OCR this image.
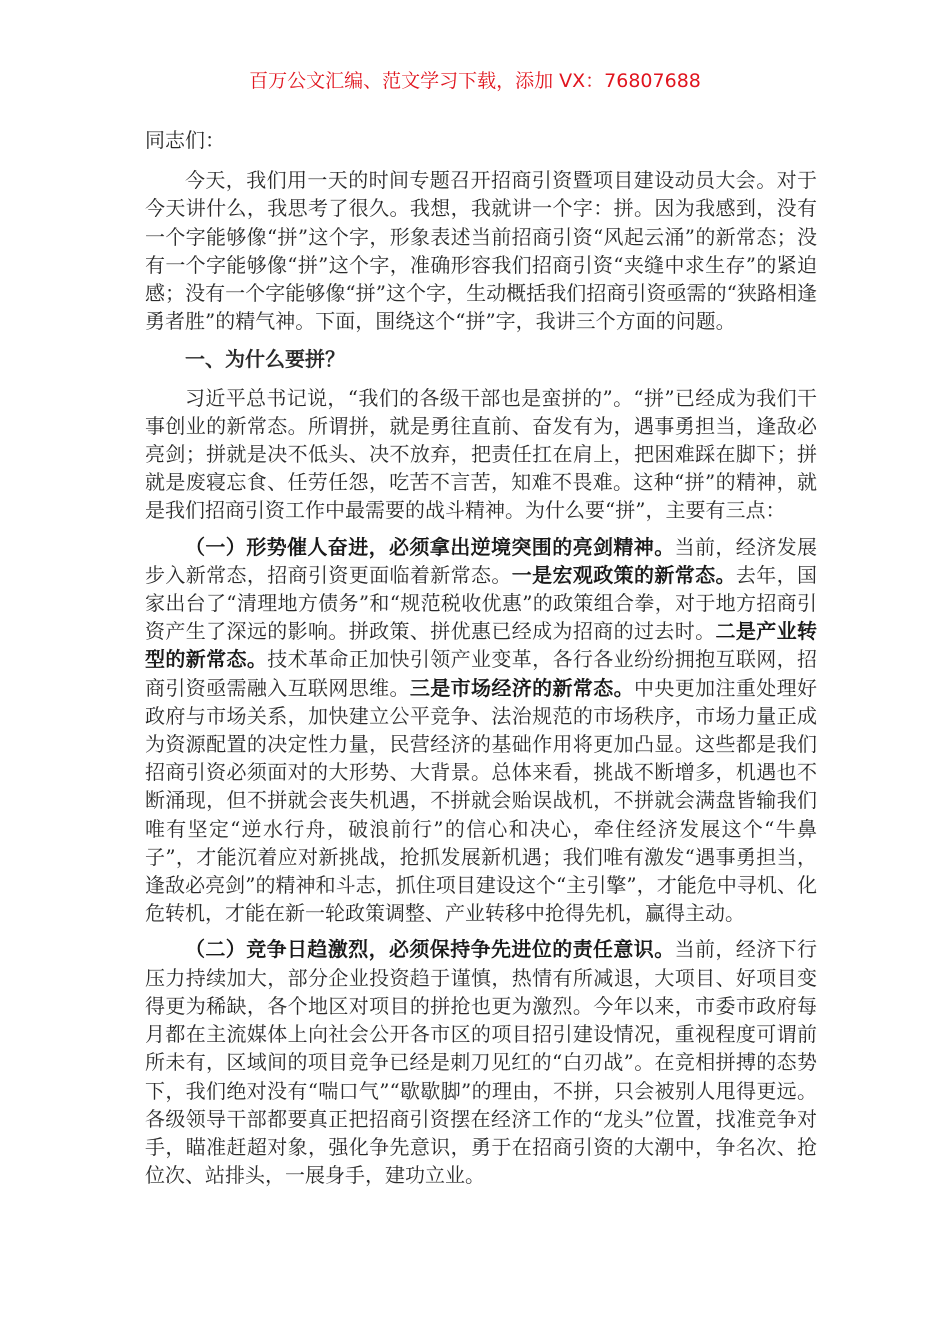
百万公文汇编、范文学习下载，添加 VX：76807688

同志们：

今天，我们用一天的时间专题召开招商引资暨项目建设动员大会。对于今天讲什么，我思考了很久。我想，我就讲一个字：拼。因为我感到，没有一个字能够像“拼”这个字，形象表述当前招商引资“风起云涌”的新常态；没有一个字能够像“拼”这个字，准确形容我们招商引资“夹缝中求生存”的紧迫感；没有一个字能够像“拼”这个字，生动概括我们招商引资亟需的“狭路相逢勇者胜”的精气神。下面，围绕这个“拼”字，我讲三个方面的问题。

一、为什么要拼？

习近平总书记说，“我们的各级干部也是蛮拼的”。“拼”已经成为我们干事创业的新常态。所谓拼，就是勇往直前、奋发有为，遇事勇担当，逢敌必亮剑；拼就是决不低头、决不放弃，把责任扛在肩上，把困难踩在脚下；拼就是废寝忘食、任劳任怨，吃苦不言苦，知难不畏难。这种“拼”的精神，就是我们招商引资工作中最需要的战斗精神。为什么要“拼”，主要有三点：

（一）形势催人奋进，必须拿出逆境突围的亮剑精神。当前，经济发展步入新常态，招商引资更面临着新常态。一是宏观政策的新常态。去年，国家出台了“清理地方债务”和“规范税收优惠”的政策组合拳，对于地方招商引资产生了深远的影响。拼政策、拼优惠已经成为招商的过去时。二是产业转型的新常态。技术革命正加快引领产业变革，各行各业纷纷拥抱互联网，招商引资亟需融入互联网思维。三是市场经济的新常态。中央更加注重处理好政府与市场关系，加快建立公平竞争、法治规范的市场秩序，市场力量正成为资源配置的决定性力量，民营经济的基础作用将更加凸显。这些都是我们招商引资必须面对的大形势、大背景。总体来看，挑战不断增多，机遇也不断涌现，但不拼就会丧失机遇，不拼就会贻误战机，不拼就会满盘皆输我们唯有坚定“逆水行舟，破浪前行”的信心和决心，牵住经济发展这个“牛鼻子”，才能沉着应对新挑战，抢抓发展新机遇；我们唯有激发“遇事勇担当，逢敌必亮剑”的精神和斗志，抓住项目建设这个“主引擎”，才能危中寻机、化危转机，才能在新一轮政策调整、产业转移中抢得先机，赢得主动。

（二）竞争日趋激烈，必须保持争先进位的责任意识。当前，经济下行压力持续加大，部分企业投资趋于谨慎，热情有所减退，大项目、好项目变得更为稀缺，各个地区对项目的拼抢也更为激烈。今年以来，市委市政府每月都在主流媒体上向社会公开各市区的项目招引建设情况，重视程度可谓前所未有，区域间的项目竞争已经是刺刀见红的“白刃战”。在竞相拼搏的态势下，我们绝对没有“喘口气”“歇歇脚”的理由，不拼，只会被别人甩得更远。各级领导干部都要真正把招商引资摆在经济工作的“龙头”位置，找准竞争对手，瞄准赶超对象，强化争先意识，勇于在招商引资的大潮中，争名次、抢位次、站排头，一展身手，建功立业。
